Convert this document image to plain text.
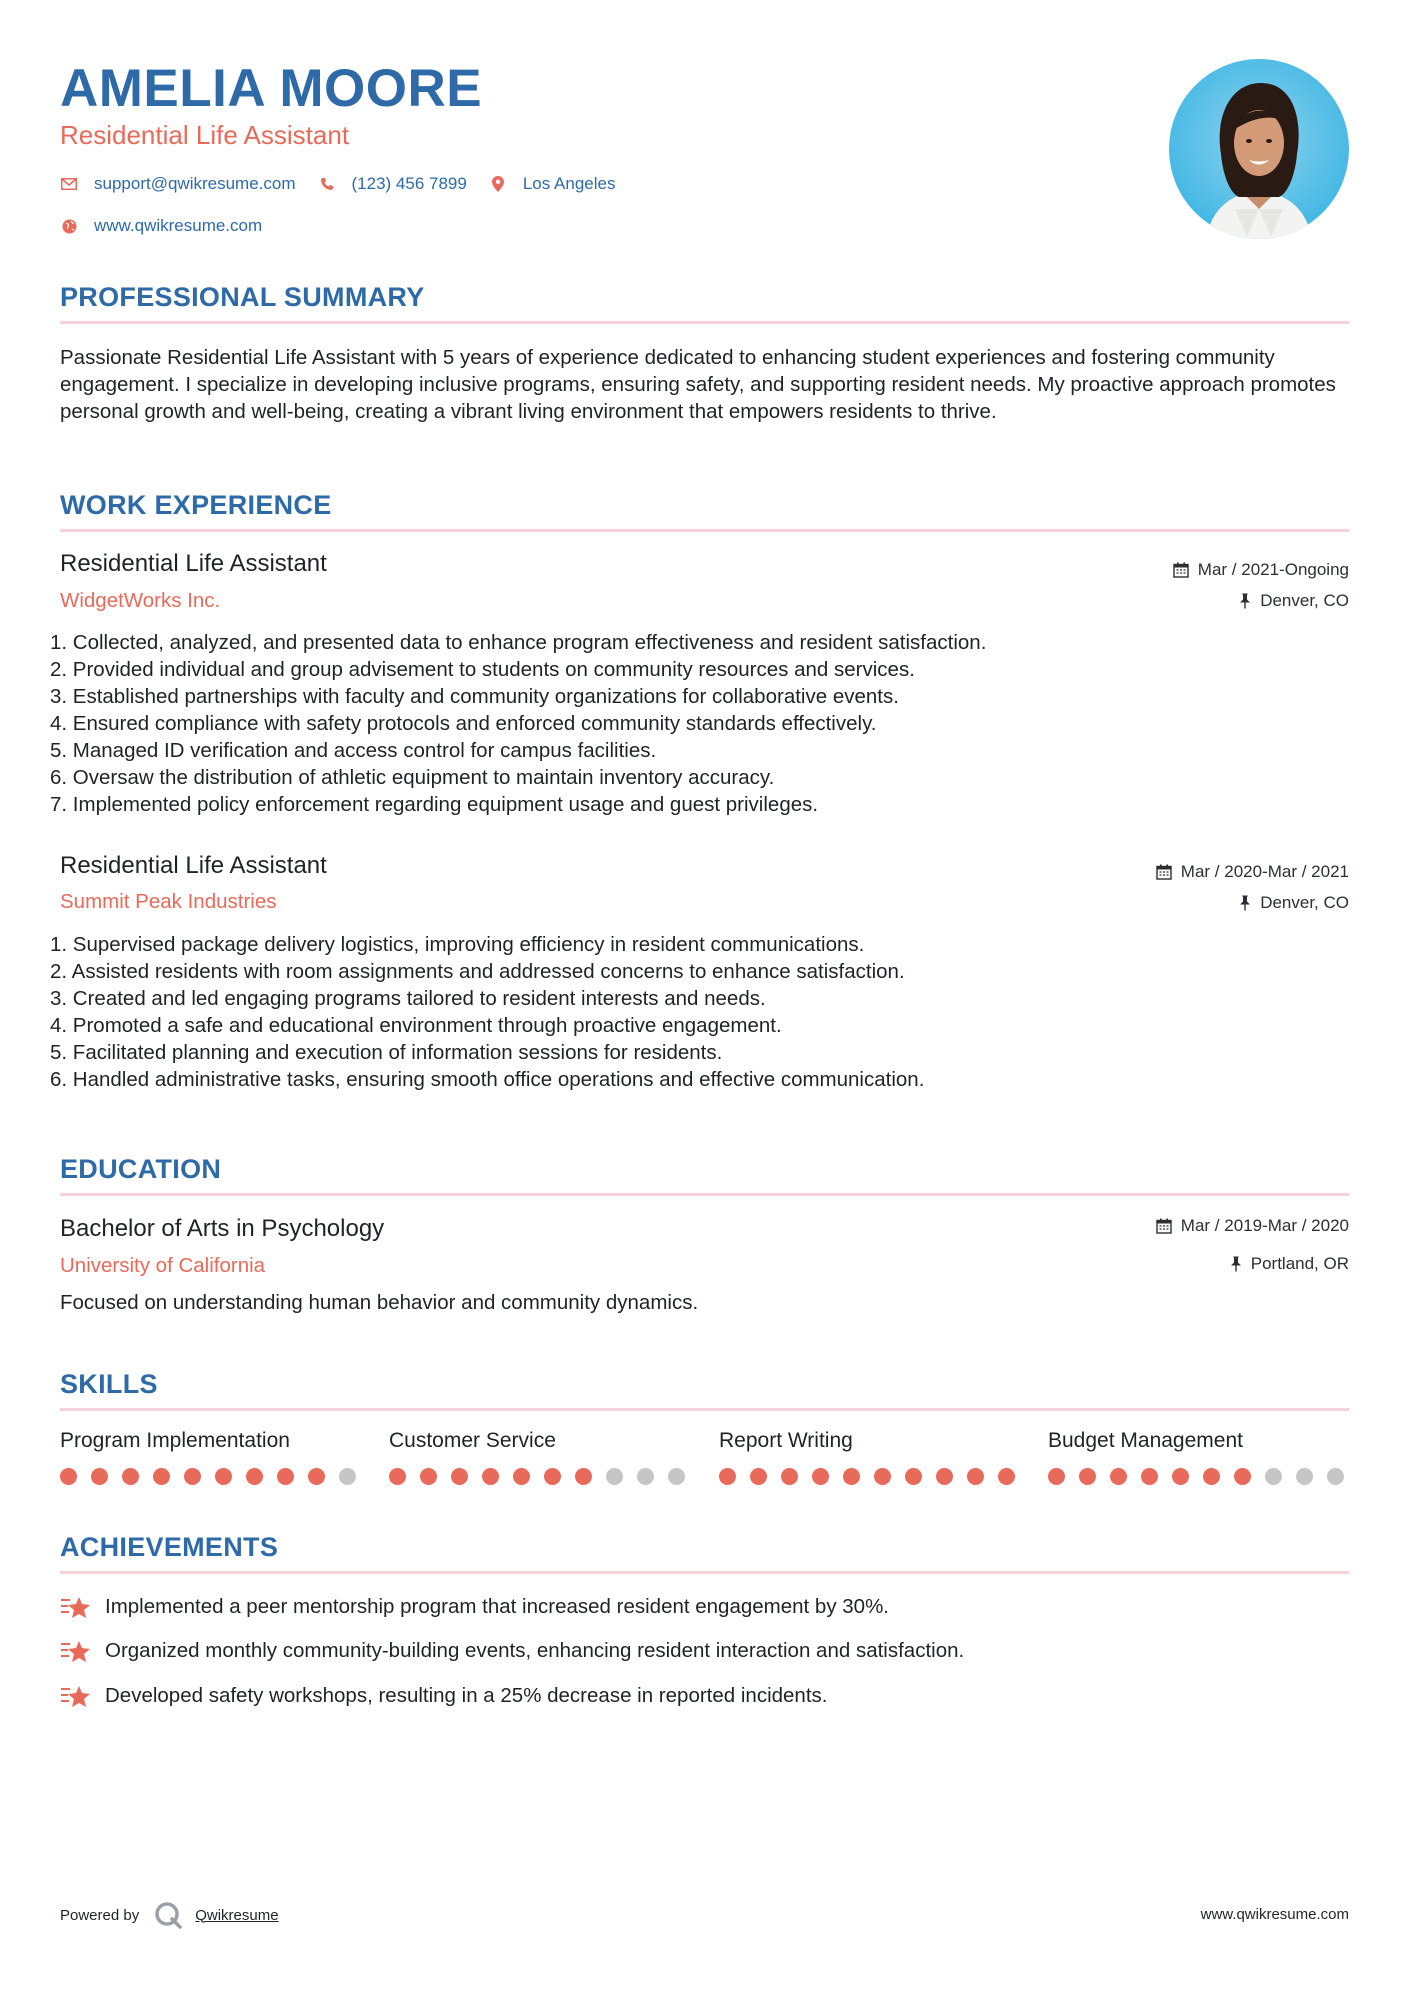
AMELIA MOORE
Residential Life Assistant
support@qwikresume.com	(123) 456 7899	Los Angeles
www.qwikresume.com
PROFESSIONAL SUMMARY
Passionate Residential Life Assistant with 5 years of experience dedicated to enhancing student experiences and fostering community engagement. I specialize in developing inclusive programs, ensuring safety, and supporting resident needs. My proactive approach promotes personal growth and well-being, creating a vibrant living environment that empowers residents to thrive.
WORK EXPERIENCE
Residential Life Assistant
WidgetWorks Inc.
Mar / 2021-Ongoing
Denver, CO
1. Collected, analyzed, and presented data to enhance program effectiveness and resident satisfaction.
2. Provided individual and group advisement to students on community resources and services.
3. Established partnerships with faculty and community organizations for collaborative events.
4. Ensured compliance with safety protocols and enforced community standards effectively.
5. Managed ID verification and access control for campus facilities.
6. Oversaw the distribution of athletic equipment to maintain inventory accuracy.
7. Implemented policy enforcement regarding equipment usage and guest privileges.
Residential Life Assistant
Summit Peak Industries
Mar / 2020-Mar / 2021
Denver, CO
1. Supervised package delivery logistics, improving efficiency in resident communications.
2. Assisted residents with room assignments and addressed concerns to enhance satisfaction.
3. Created and led engaging programs tailored to resident interests and needs.
4. Promoted a safe and educational environment through proactive engagement.
5. Facilitated planning and execution of information sessions for residents.
6. Handled administrative tasks, ensuring smooth office operations and effective communication.
EDUCATION
Bachelor of Arts in Psychology
University of California
Mar / 2019-Mar / 2020
Portland, OR
Focused on understanding human behavior and community dynamics.
SKILLS
Program Implementation	Customer Service	Report Writing	Budget Management
ACHIEVEMENTS
Implemented a peer mentorship program that increased resident engagement by 30%.
Organized monthly community-building events, enhancing resident interaction and satisfaction.
Developed safety workshops, resulting in a 25% decrease in reported incidents.
Powered by	Qwikresume	www.qwikresume.com
